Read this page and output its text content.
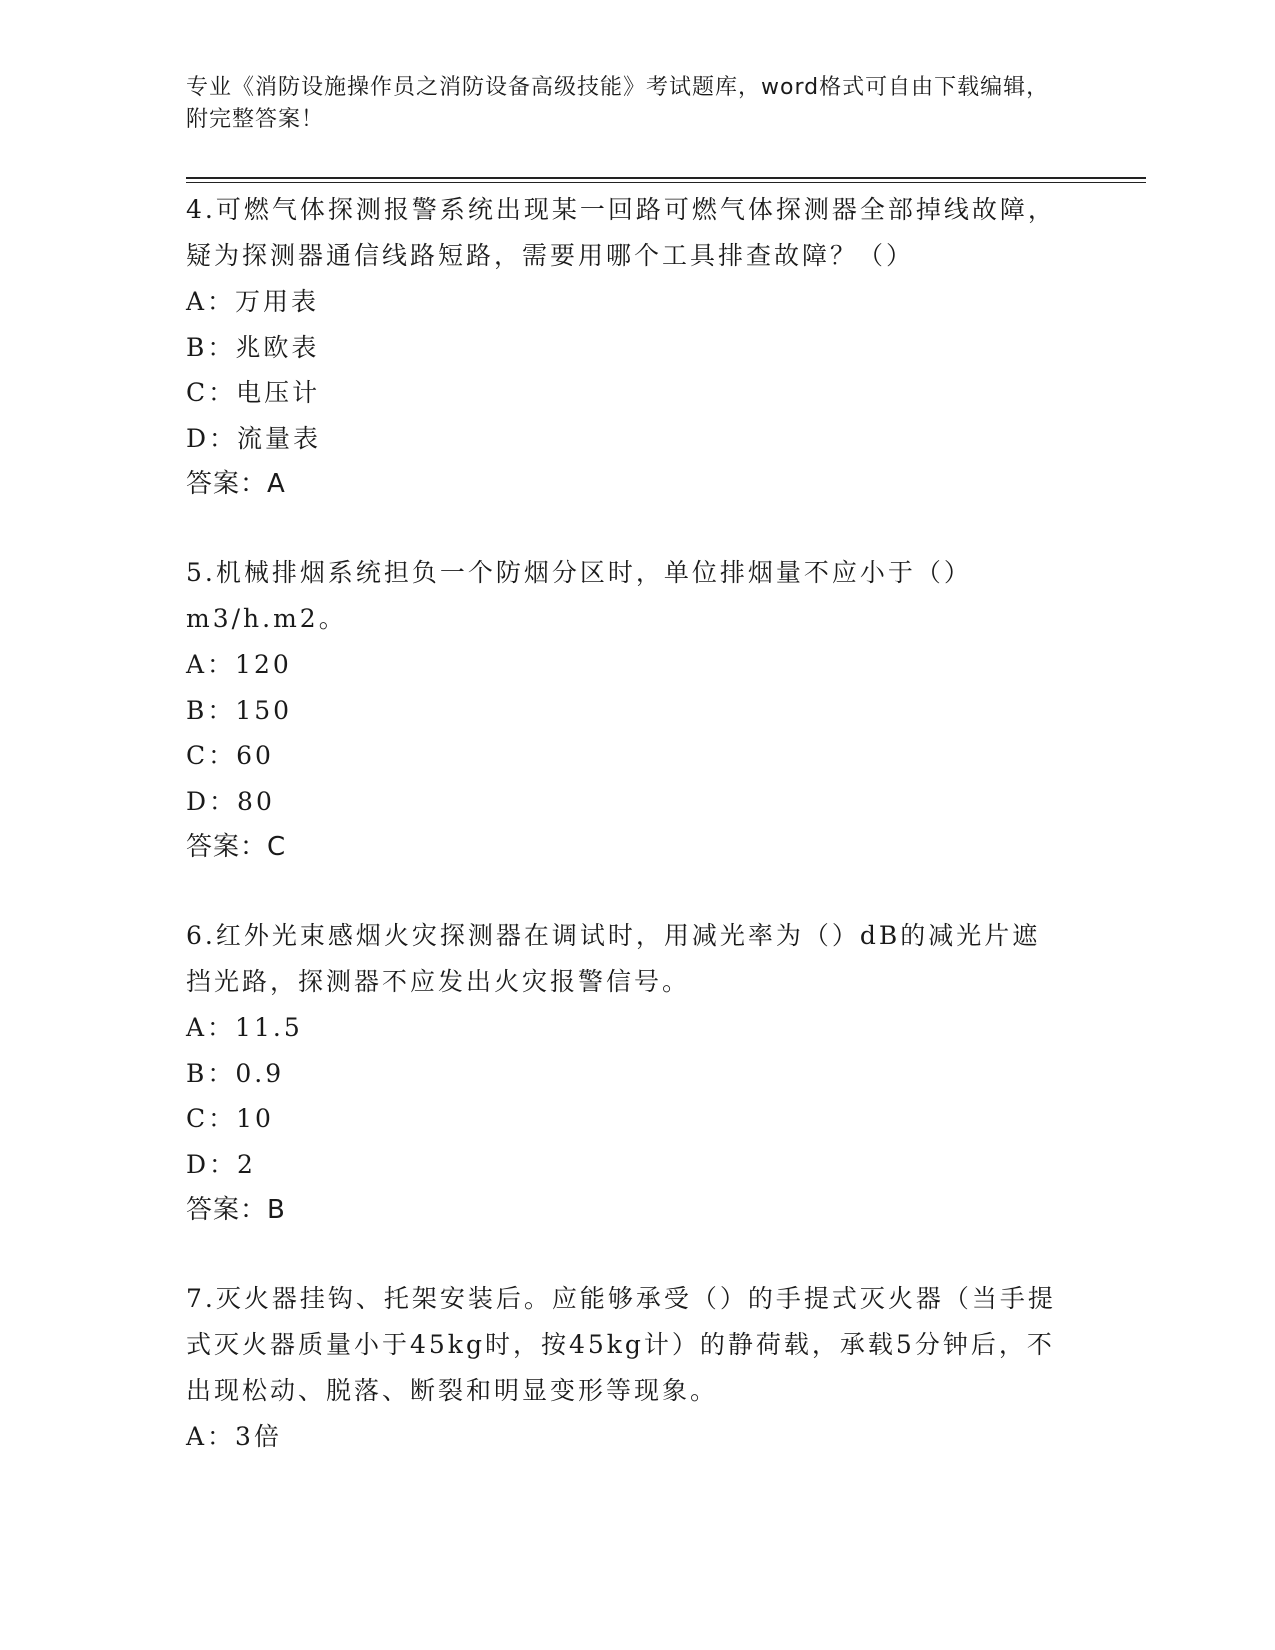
专业《消防设施操作员之消防设备高级技能》考试题库，word格式可自由下载编辑，附完整答案！
4.可燃气体探测报警系统出现某一回路可燃气体探测器全部掉线故障，疑为探测器通信线路短路，需要用哪个工具排查故障？（）
A：万用表
B：兆欧表
C：电压计
D：流量表
答案：A
5.机械排烟系统担负一个防烟分区时，单位排烟量不应小于（）m3/h.m2。
A：120
B：150
C：60
D：80
答案：C
6.红外光束感烟火灾探测器在调试时，用减光率为（）dB的减光片遮挡光路，探测器不应发出火灾报警信号。
A：11.5
B：0.9
C：10
D：2
答案：B
7.灭火器挂钩、托架安装后。应能够承受（）的手提式灭火器（当手提式灭火器质量小于45kg时，按45kg计）的静荷载，承载5分钟后，不出现松动、脱落、断裂和明显变形等现象。
A：3倍
